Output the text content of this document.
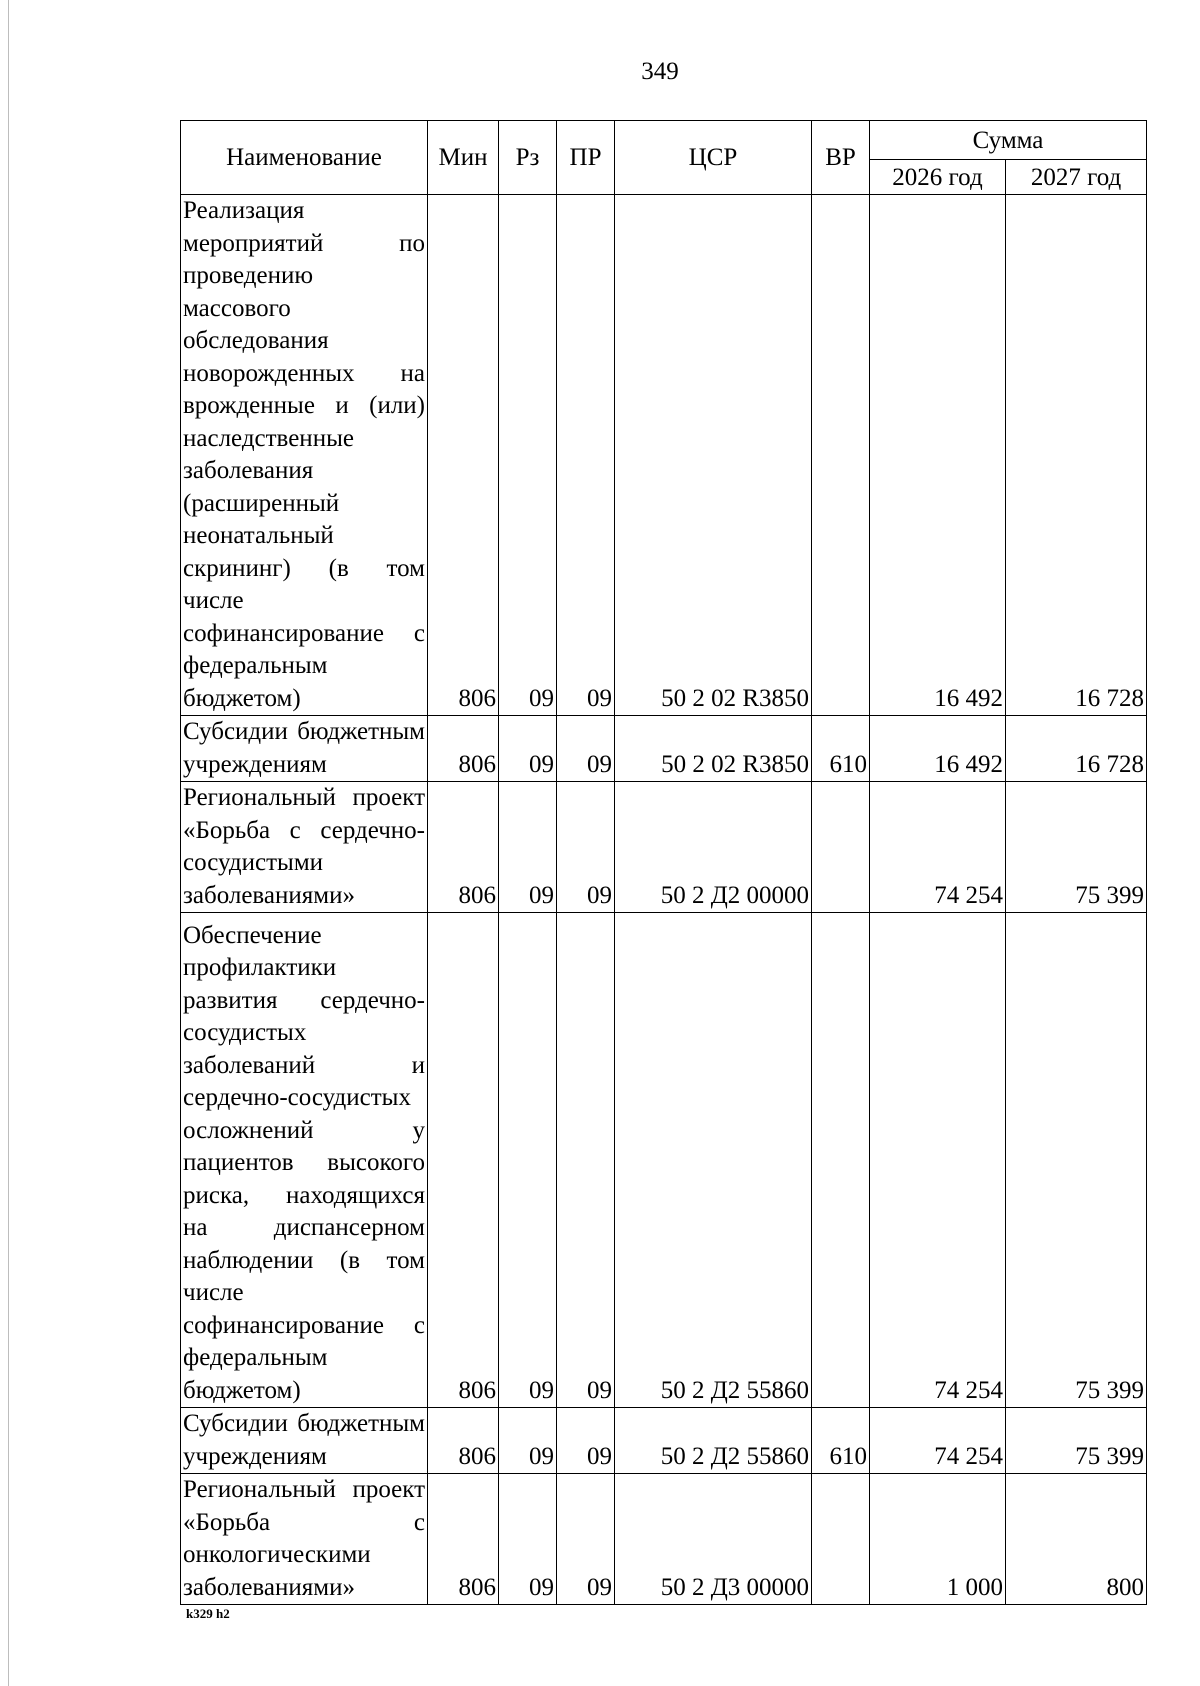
349
Наименование	Мин	Рз	ПР	ЦСР	ВР	Сумма	
						2026 год	2027 год
Реализация мероприятий по проведению массового обследования новорожденных на врожденные и (или) наследственные заболевания (расширенный неонатальный скрининг) (в том числе софинансирование с федеральным бюджетом)	806	09	09	50 2 02 R3850		16 492	16 728
Субсидии бюджетным учреждениям	806	09	09	50 2 02 R3850	610	16 492	16 728
Региональный проект «Борьба с сердечно-сосудистыми заболеваниями»	806	09	09	50 2 Д2 00000		74 254	75 399
Обеспечение профилактики развития сердечно-сосудистых заболеваний и сердечно-сосудистых осложнений у пациентов высокого риска, находящихся на диспансерном наблюдении (в том числе софинансирование с федеральным бюджетом)	806	09	09	50 2 Д2 55860		74 254	75 399
Субсидии бюджетным учреждениям	806	09	09	50 2 Д2 55860	610	74 254	75 399
Региональный проект «Борьба с онкологическими заболеваниями»	806	09	09	50 2 Д3 00000		1 000	800
k329 h2
